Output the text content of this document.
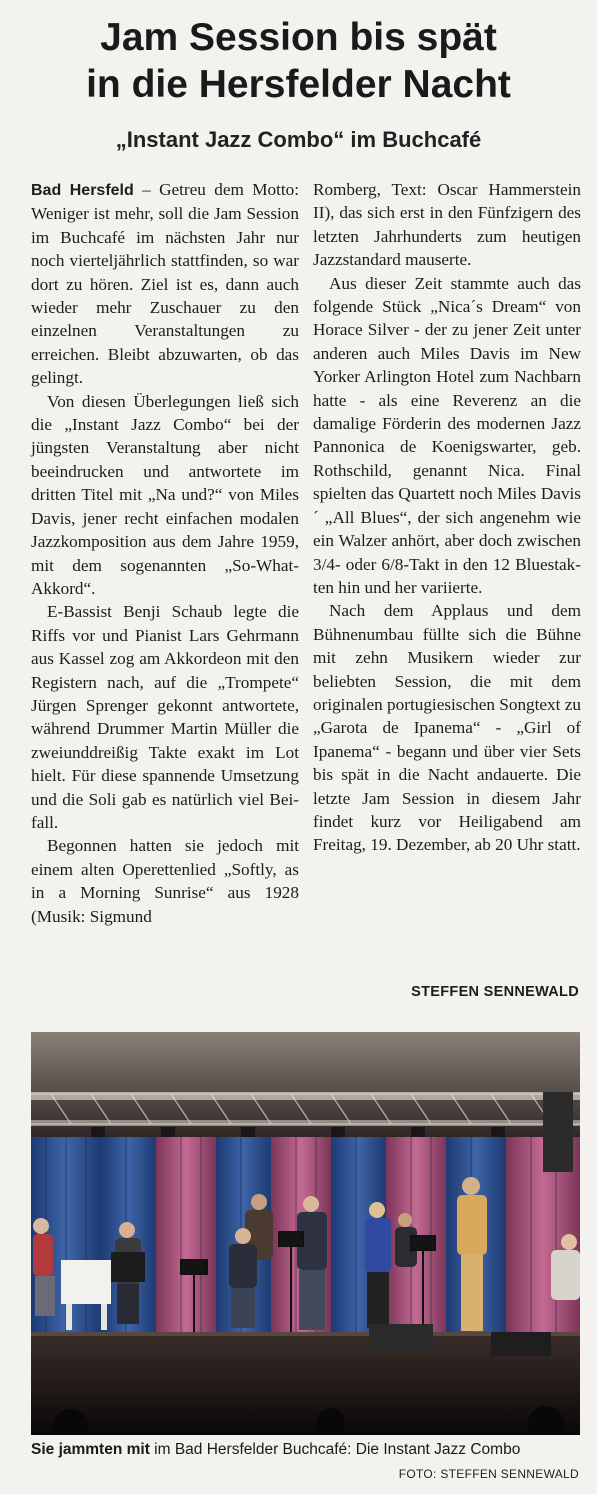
Jam Session bis spät
in die Hersfelder Nacht
„Instant Jazz Combo“ im Buchcafé

Bad Hersfeld – Getreu dem Motto: Weniger ist mehr, soll die Jam Session im Buchcafé im nächsten Jahr nur noch vierteljährlich stattfinden, so war dort zu hören. Ziel ist es, dann auch wieder mehr Zuschauer zu den einzelnen Veranstaltungen zu erreichen. Bleibt abzuwarten, ob das gelingt.

Von diesen Überlegungen ließ sich die „Instant Jazz Combo“ bei der jüngsten Veranstaltung aber nicht beeindrucken und antwortete im dritten Titel mit „Na und?“ von Miles Davis, jener recht einfachen modalen Jazzkomposition aus dem Jahre 1959, mit dem sogenannten „So-What-Akkord“.

E-Bassist Benji Schaub legte die Riffs vor und Pianist Lars Gehrmann aus Kassel zog am Akkordeon mit den Registern nach, auf die „Trompete“ Jürgen Sprenger gekonnt antwortete, während Drummer Martin Müller die zweiunddreißig Takte exakt im Lot hielt. Für diese spannende Umsetzung und die Soli gab es natürlich viel Beifall.

Begonnen hatten sie jedoch mit einem alten Operettenlied „Softly, as in a Morning Sunrise“ aus 1928 (Musik: Sigmund

Romberg, Text: Oscar Hammerstein II), das sich erst in den Fünfzigern des letzten Jahrhunderts zum heutigen Jazzstandard mauserte.

Aus dieser Zeit stammte auch das folgende Stück „Nica´s Dream“ von Horace Silver - der zu jener Zeit unter anderen auch Miles Davis im New Yorker Arlington Hotel zum Nachbarn hatte - als eine Reverenz an die damalige Förderin des modernen Jazz Pannonica de Koenigswarter, geb. Rothschild, genannt Nica. Final spielten das Quartett noch Miles Davis´ „All Blues“, der sich angenehm wie ein Walzer anhört, aber doch zwischen 3/4- oder 6/8-Takt in den 12 Bluestakten hin und her variierte.

Nach dem Applaus und dem Bühnenumbau füllte sich die Bühne mit zehn Musikern wieder zur beliebten Session, die mit dem originalen portugiesischen Songtext zu „Garota de Ipanema“ - „Girl of Ipanema“ - begann und über vier Sets bis spät in die Nacht andauerte. Die letzte Jam Session in diesem Jahr findet kurz vor Heiligabend am Freitag, 19. Dezember, ab 20 Uhr statt.

STEFFEN SENNEWALD
Sie jammten mit im Bad Hersfelder Buchcafé: Die Instant Jazz Combo
FOTO: STEFFEN SENNEWALD
